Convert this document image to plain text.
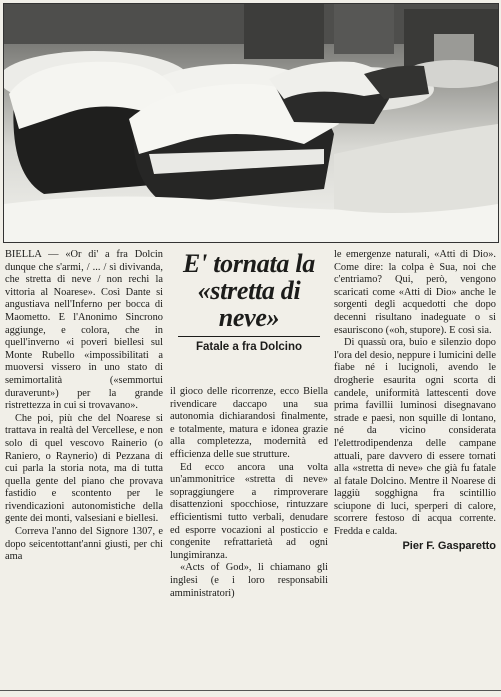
BIELLA — «Or di' a fra Dolcin dunque che s'armi, / ... / sì divivanda, che stretta di neve / non rechi la vittoria al Noarese». Così Dante si angustiava nell'Inferno per bocca di Maometto. E l'Anonimo Sincrono aggiunge, e colora, che in quell'inverno «i poveri biellesi sul Monte Rubello «impossibilitati a muoversi vissero in uno stato di semimortalità («semmortui duraverunt») per la grande ristrettezza in cui si trovavano».

Che poi, più che del Noarese si trattava in realtà del Vercellese, e non solo di quel vescovo Rainerio (o Raniero, o Raynerio) di Pezzana di cui parla la storia nota, ma di tutta quella gente del piano che provava fastidio e scontento per le rivendicazioni autonomistiche della gente dei monti, valsesiani e biellesi.

Correva l'anno del Signore 1307, e dopo seicentottant'anni giusti, per chi ama

E' tornata la «stretta di neve»
Fatale a fra Dolcino

il gioco delle ricorrenze, ecco Biella rivendicare daccapo una sua autonomia dichiarandosi finalmente, e totalmente, matura e idonea grazie alla completezza, modernità ed efficienza delle sue strutture.

Ed ecco ancora una volta un'ammonitrice «stretta di neve» sopraggiungere a rimproverare disattenzioni spocchiose, rintuzzare efficientismi tutto verbali, denudare ed esporre vocazioni al posticcio e congenite refrattarietà ad ogni lungimiranza.

«Acts of God», li chiamano gli inglesi (e i loro responsabili amministratori)

le emergenze naturali, «Atti di Dio». Come dire: la colpa è Sua, noi che c'entriamo? Qui, però, vengono scaricati come «Atti di Dio» anche le sorgenti degli acquedotti che dopo decenni risultano inadeguate o si esauriscono («oh, stupore). E così sia.

Di quassù ora, buio e silenzio dopo l'ora del desio, neppure i lumicini delle fiabe né i lucignoli, avendo le drogherie esaurita ogni scorta di candele, uniformità lattescenti dove prima favillii luminosi disegnavano strade e paesi, non squille di lontano, né da vicino considerata l'elettrodipendenza delle campane attuali, pare davvero di essere tornati alla «stretta di neve» che già fu fatale al fatale Dolcino. Mentre il Noarese di laggiù sogghigna fra scintillio sciupone di luci, sperperi di calore, scorrere festoso di acqua corrente. Fredda e calda.

Pier F. Gasparetto
